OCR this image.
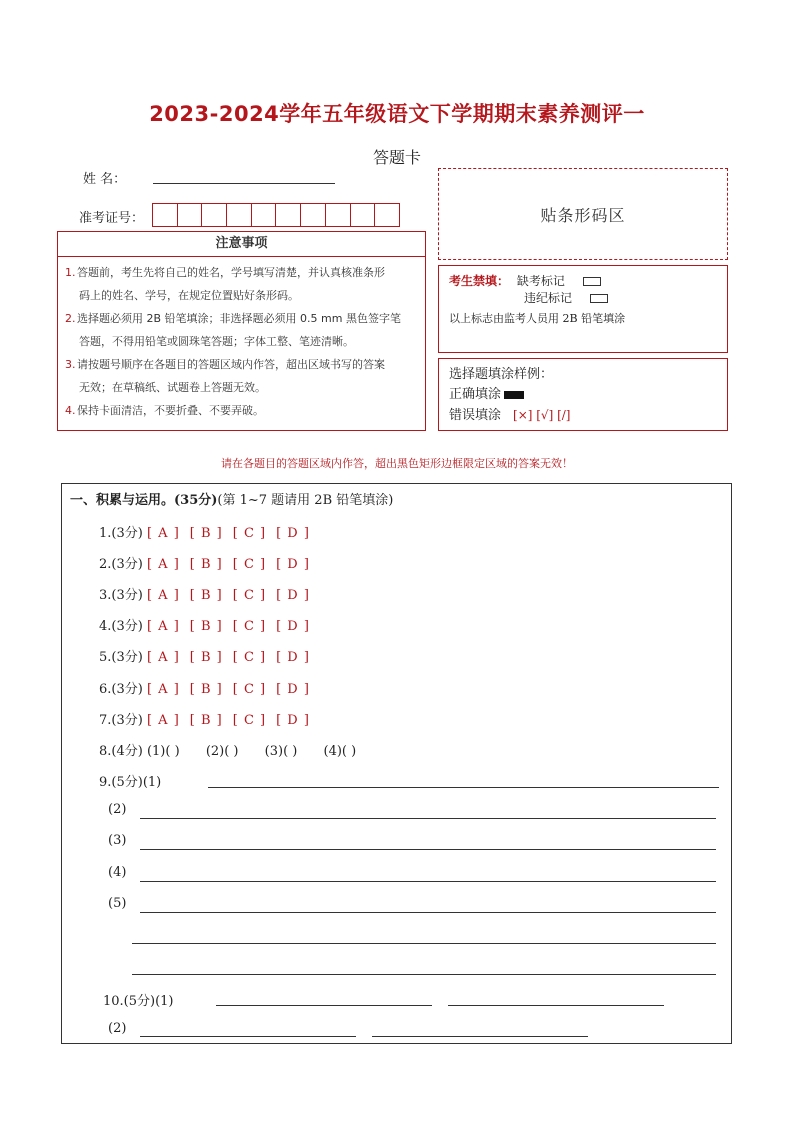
2023-2024学年五年级语文下学期期末素养测评一
答题卡
姓 名：
准考证号：	贴条形码区
注意事项
1. 答题前，考生先将自己的姓名，学号填写清楚，并认真核准条形
码上的姓名、学号，在规定位置贴好条形码。
2. 选择题必须用 2B 铅笔填涂；非选择题必须用 0.5 mm 黑色签字笔
答题，不得用铅笔或圆珠笔答题；字体工整、笔迹清晰。
3. 请按题号顺序在各题目的答题区域内作答，超出区域书写的答案
无效；在草稿纸、试题卷上答题无效。
4. 保持卡面清洁，不要折叠、不要弄破。
考生禁填： 缺考标记
违纪标记
以上标志由监考人员用 2B 铅笔填涂
选择题填涂样例：
正确填涂
错误填涂 [×] [√] [/]
请在各题目的答题区域内作答，超出黑色矩形边框限定区域的答案无效！
一、积累与运用。(35分)(第 1~7 题请用 2B 铅笔填涂)
1.(3分) [ A ] [ B ] [ C ] [ D ]
2.(3分) [ A ] [ B ] [ C ] [ D ]
3.(3分) [ A ] [ B ] [ C ] [ D ]
4.(3分) [ A ] [ B ] [ C ] [ D ]
5.(3分) [ A ] [ B ] [ C ] [ D ]
6.(3分) [ A ] [ B ] [ C ] [ D ]
7.(3分) [ A ] [ B ] [ C ] [ D ]
8.(4分) (1)( ) (2)( ) (3)( ) (4)( )
9.(5分)(1)
(2)
(3)
(4)
(5)
10.(5分)(1)
(2)
